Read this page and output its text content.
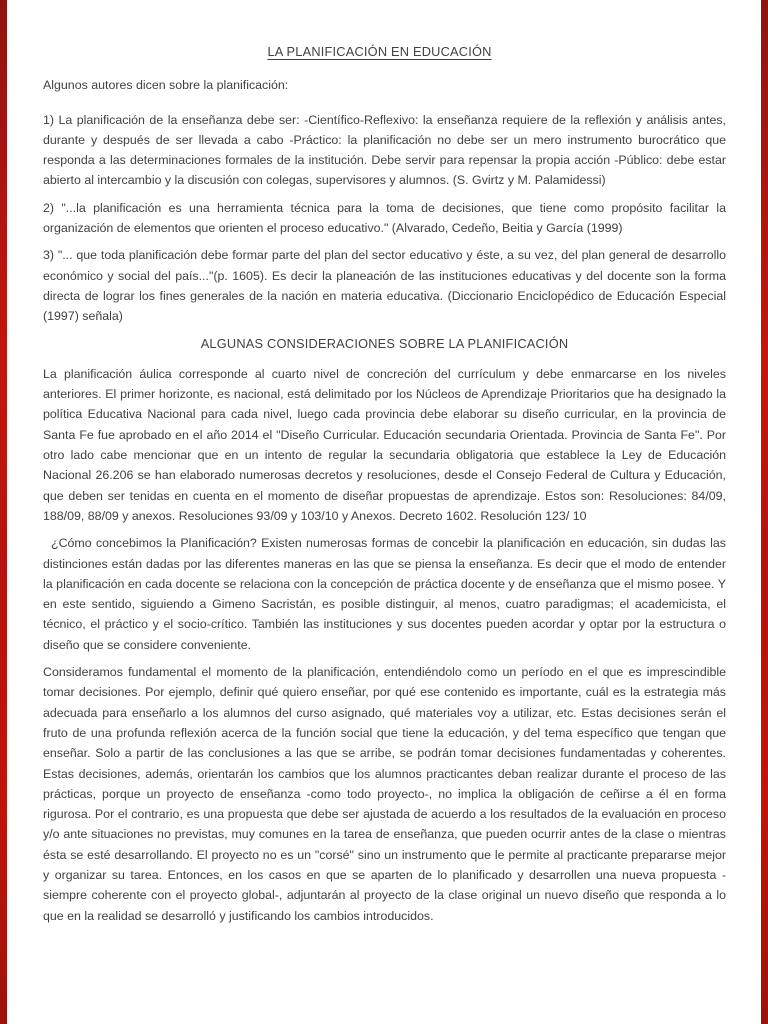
LA PLANIFICACIÓN EN EDUCACIÓN

Algunos autores dicen sobre la planificación:

1) La planificación de la enseñanza debe ser: -Científico-Reflexivo: la enseñanza requiere de la reflexión y análisis antes, durante y después de ser llevada a cabo -Práctico: la planificación no debe ser un mero instrumento burocrático que responda a las determinaciones formales de la institución. Debe servir para repensar la propia acción -Público: debe estar abierto al intercambio y la discusión con colegas, supervisores y alumnos. (S. Gvirtz y M. Palamidessi)

2) "...la planificación es una herramienta técnica para la toma de decisiones, que tiene como propósito facilitar la organización de elementos que orienten el proceso educativo." (Alvarado, Cedeño, Beitia y García (1999)

3) "... que toda planificación debe formar parte del plan del sector educativo y éste, a su vez, del plan general de desarrollo económico y social del país..."(p. 1605). Es decir la planeación de las instituciones educativas y del docente son la forma directa de lograr los fines generales de la nación en materia educativa. (Diccionario Enciclopédico de Educación Especial (1997) señala)

ALGUNAS CONSIDERACIONES SOBRE LA PLANIFICACIÓN

La planificación áulica corresponde al cuarto nivel de concreción del currículum y debe enmarcarse en los niveles anteriores. El primer horizonte, es nacional, está delimitado por los Núcleos de Aprendizaje Prioritarios que ha designado la política Educativa Nacional para cada nivel, luego cada provincia debe elaborar su diseño curricular, en la provincia de Santa Fe fue aprobado en el año 2014 el "Diseño Curricular. Educación secundaria Orientada. Provincia de Santa Fe". Por otro lado cabe mencionar que en un intento de regular la secundaria obligatoria que establece la Ley de Educación Nacional 26.206 se han elaborado numerosas decretos y resoluciones, desde el Consejo Federal de Cultura y Educación, que deben ser tenidas en cuenta en el momento de diseñar propuestas de aprendizaje. Estos son: Resoluciones: 84/09, 188/09, 88/09 y anexos. Resoluciones 93/09 y 103/10 y Anexos. Decreto 1602. Resolución 123/ 10

¿Cómo concebimos la Planificación? Existen numerosas formas de concebir la planificación en educación, sin dudas las distinciones están dadas por las diferentes maneras en las que se piensa la enseñanza. Es decir que el modo de entender la planificación en cada docente se relaciona con la concepción de práctica docente y de enseñanza que el mismo posee. Y en este sentido, siguiendo a Gimeno Sacristán, es posible distinguir, al menos, cuatro paradigmas; el academicista, el técnico, el práctico y el socio-crítico. También las instituciones y sus docentes pueden acordar y optar por la estructura o diseño que se considere conveniente.

Consideramos fundamental el momento de la planificación, entendiéndolo como un período en el que es imprescindible tomar decisiones. Por ejemplo, definir qué quiero enseñar, por qué ese contenido es importante, cuál es la estrategia más adecuada para enseñarlo a los alumnos del curso asignado, qué materiales voy a utilizar, etc. Estas decisiones serán el fruto de una profunda reflexión acerca de la función social que tiene la educación, y del tema específico que tengan que enseñar. Solo a partir de las conclusiones a las que se arribe, se podrán tomar decisiones fundamentadas y coherentes. Estas decisiones, además, orientarán los cambios que los alumnos practicantes deban realizar durante el proceso de las prácticas, porque un proyecto de enseñanza -como todo proyecto-, no implica la obligación de ceñirse a él en forma rigurosa. Por el contrario, es una propuesta que debe ser ajustada de acuerdo a los resultados de la evaluación en proceso y/o ante situaciones no previstas, muy comunes en la tarea de enseñanza, que pueden ocurrir antes de la clase o mientras ésta se esté desarrollando. El proyecto no es un "corsé" sino un instrumento que le permite al practicante prepararse mejor y organizar su tarea. Entonces, en los casos en que se aparten de lo planificado y desarrollen una nueva propuesta -siempre coherente con el proyecto global-, adjuntarán al proyecto de la clase original un nuevo diseño que responda a lo que en la realidad se desarrolló y justificando los cambios introducidos.
